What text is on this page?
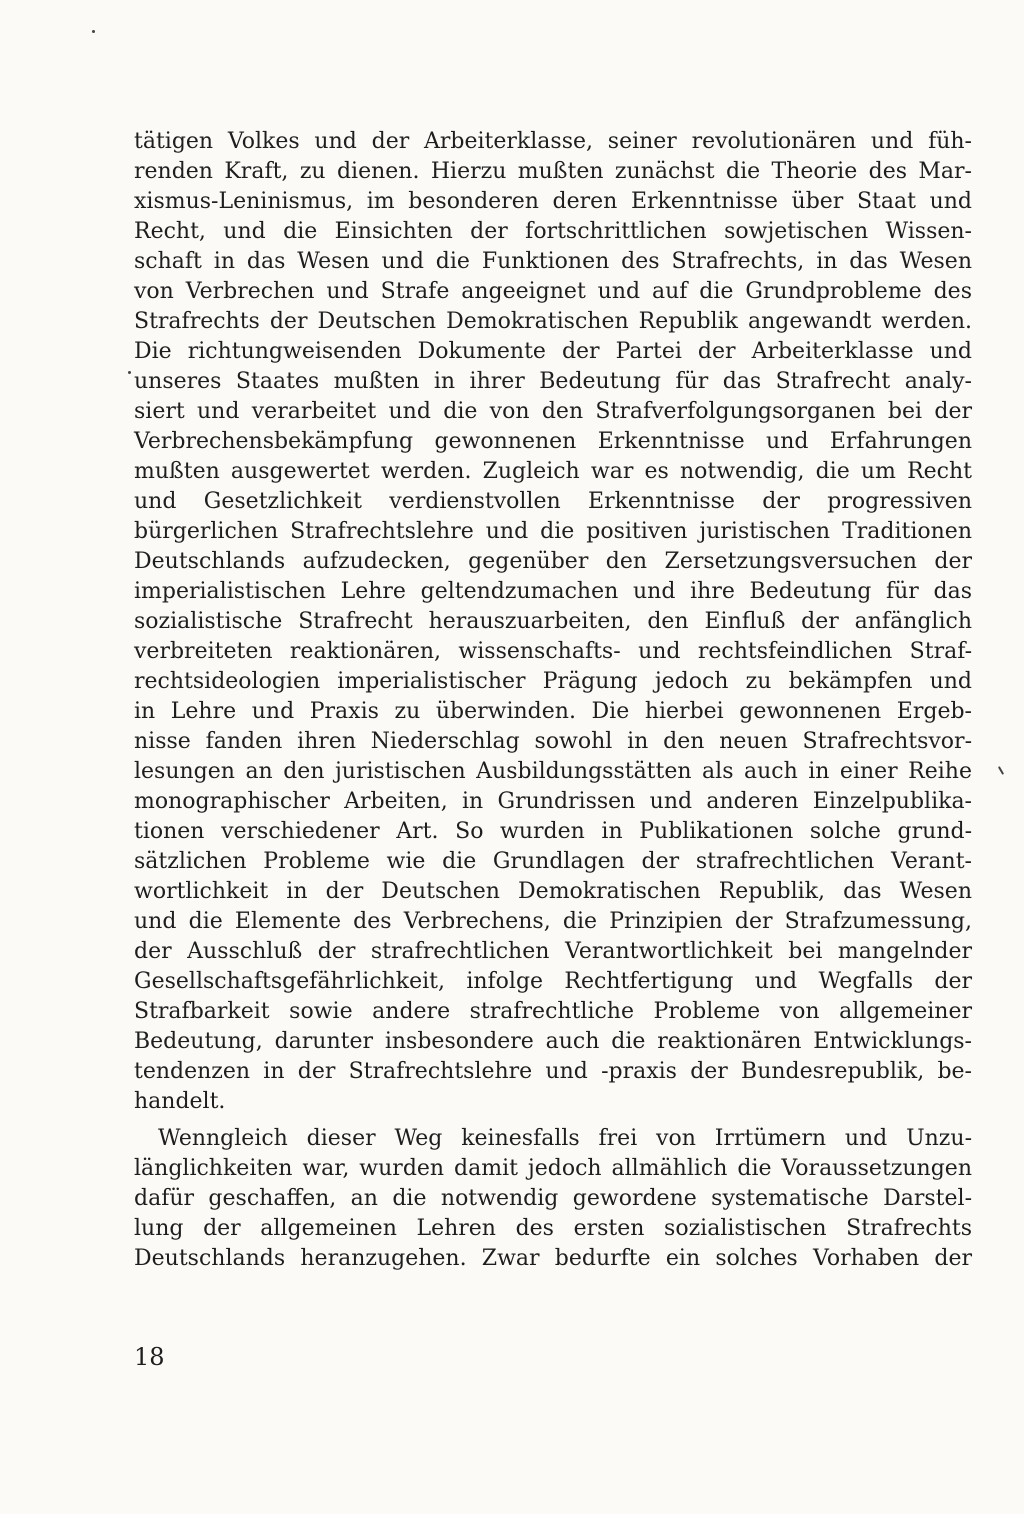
tätigen Volkes und der Arbeiterklasse, seiner revolutionären und füh-
renden Kraft, zu dienen. Hierzu mußten zunächst die Theorie des Mar-
xismus-Leninismus, im besonderen deren Erkenntnisse über Staat und
Recht, und die Einsichten der fortschrittlichen sowjetischen Wissen-
schaft in das Wesen und die Funktionen des Strafrechts, in das Wesen
von Verbrechen und Strafe angeeignet und auf die Grundprobleme des
Strafrechts der Deutschen Demokratischen Republik angewandt werden.
Die richtungweisenden Dokumente der Partei der Arbeiterklasse und
unseres Staates mußten in ihrer Bedeutung für das Strafrecht analy-
siert und verarbeitet und die von den Strafverfolgungsorganen bei der
Verbrechensbekämpfung gewonnenen Erkenntnisse und Erfahrungen
mußten ausgewertet werden. Zugleich war es notwendig, die um Recht
und Gesetzlichkeit verdienstvollen Erkenntnisse der progressiven
bürgerlichen Strafrechtslehre und die positiven juristischen Traditionen
Deutschlands aufzudecken, gegenüber den Zersetzungsversuchen der
imperialistischen Lehre geltendzumachen und ihre Bedeutung für das
sozialistische Strafrecht herauszuarbeiten, den Einfluß der anfänglich
verbreiteten reaktionären, wissenschafts- und rechtsfeindlichen Straf-
rechtsideologien imperialistischer Prägung jedoch zu bekämpfen und
in Lehre und Praxis zu überwinden. Die hierbei gewonnenen Ergeb-
nisse fanden ihren Niederschlag sowohl in den neuen Strafrechtsvor-
lesungen an den juristischen Ausbildungsstätten als auch in einer Reihe
monographischer Arbeiten, in Grundrissen und anderen Einzelpublika-
tionen verschiedener Art. So wurden in Publikationen solche grund-
sätzlichen Probleme wie die Grundlagen der strafrechtlichen Verant-
wortlichkeit in der Deutschen Demokratischen Republik, das Wesen
und die Elemente des Verbrechens, die Prinzipien der Strafzumessung,
der Ausschluß der strafrechtlichen Verantwortlichkeit bei mangelnder
Gesellschaftsgefährlichkeit, infolge Rechtfertigung und Wegfalls der
Strafbarkeit sowie andere strafrechtliche Probleme von allgemeiner
Bedeutung, darunter insbesondere auch die reaktionären Entwicklungs-
tendenzen in der Strafrechtslehre und -praxis der Bundesrepublik, be-
handelt.
Wenngleich dieser Weg keinesfalls frei von Irrtümern und Unzu-
länglichkeiten war, wurden damit jedoch allmählich die Voraussetzungen
dafür geschaffen, an die notwendig gewordene systematische Darstel-
lung der allgemeinen Lehren des ersten sozialistischen Strafrechts
Deutschlands heranzugehen. Zwar bedurfte ein solches Vorhaben der
18
